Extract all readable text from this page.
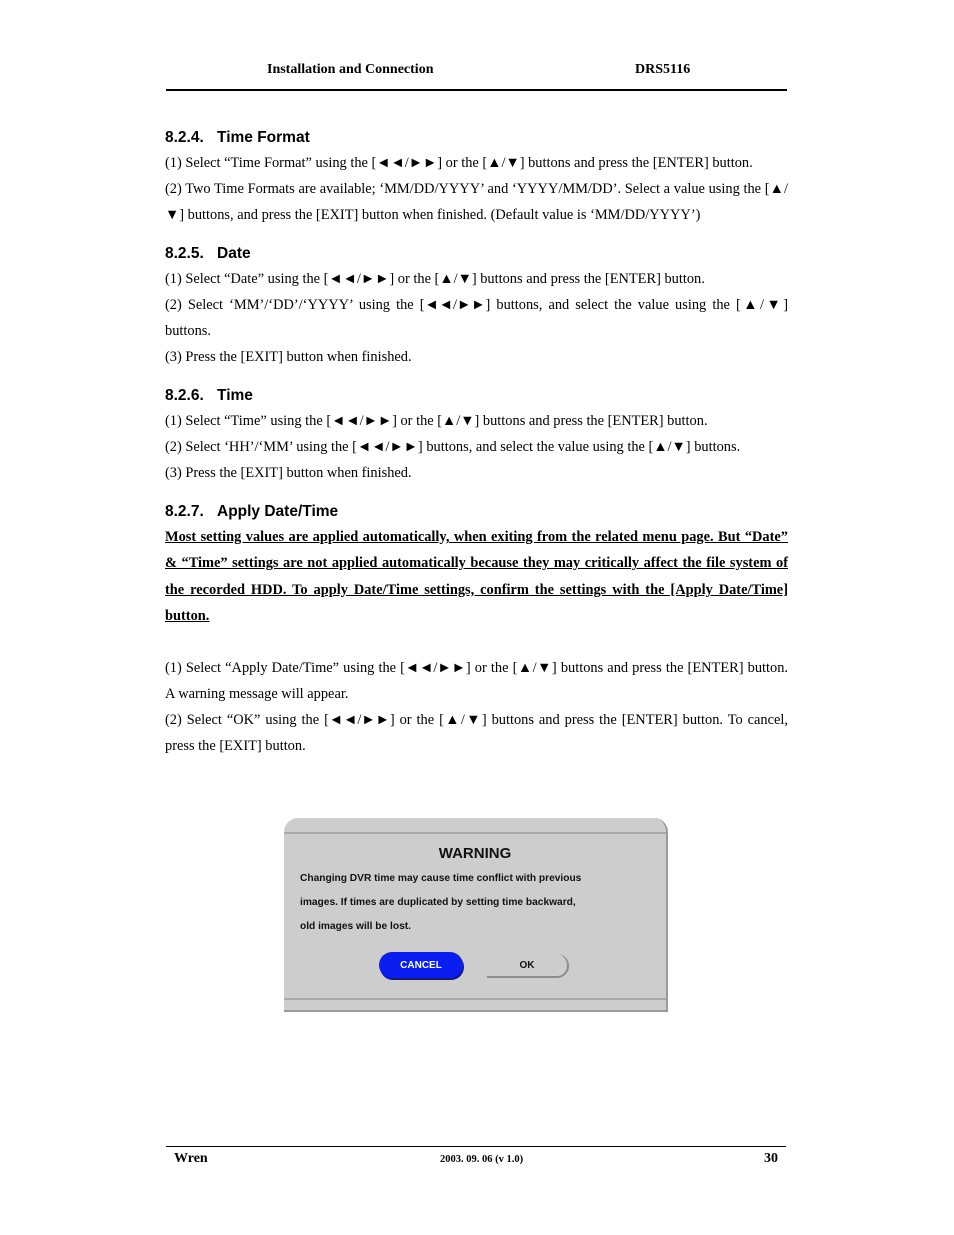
Installation and Connection	DRS5116
8.2.4. Time Format

(1) Select “Time Format” using the [◄◄/►►] or the [▲/▼] buttons and press the [ENTER] button.

(2) Two Time Formats are available; ‘MM/DD/YYYY’ and ‘YYYY/MM/DD’. Select a value using the [▲/▼] buttons, and press the [EXIT] button when finished. (Default value is ‘MM/DD/YYYY’)

8.2.5. Date

(1) Select “Date” using the [◄◄/►►] or the [▲/▼] buttons and press the [ENTER] button.

(2) Select ‘MM’/‘DD’/‘YYYY’ using the [◄◄/►►] buttons, and select the value using the [▲/▼] buttons.

(3) Press the [EXIT] button when finished.

8.2.6. Time

(1) Select “Time” using the [◄◄/►►] or the [▲/▼] buttons and press the [ENTER] button.

(2) Select ‘HH’/‘MM’ using the [◄◄/►►] buttons, and select the value using the [▲/▼] buttons.

(3) Press the [EXIT] button when finished.

8.2.7. Apply Date/Time

Most setting values are applied automatically, when exiting from the related menu page. But “Date” & “Time” settings are not applied automatically because they may critically affect the file system of the recorded HDD. To apply Date/Time settings, confirm the settings with the [Apply Date/Time] button.

(1) Select “Apply Date/Time” using the [◄◄/►►] or the [▲/▼] buttons and press the [ENTER] button. A warning message will appear.

(2) Select “OK” using the [◄◄/►►] or the [▲/▼] buttons and press the [ENTER] button. To cancel, press the [EXIT] button.

WARNING
Changing DVR time may cause time conflict with previous
images. If times are duplicated by setting time backward,
old images will be lost.
CANCEL	OK
Wren	2003. 09. 06 (v 1.0)	30
